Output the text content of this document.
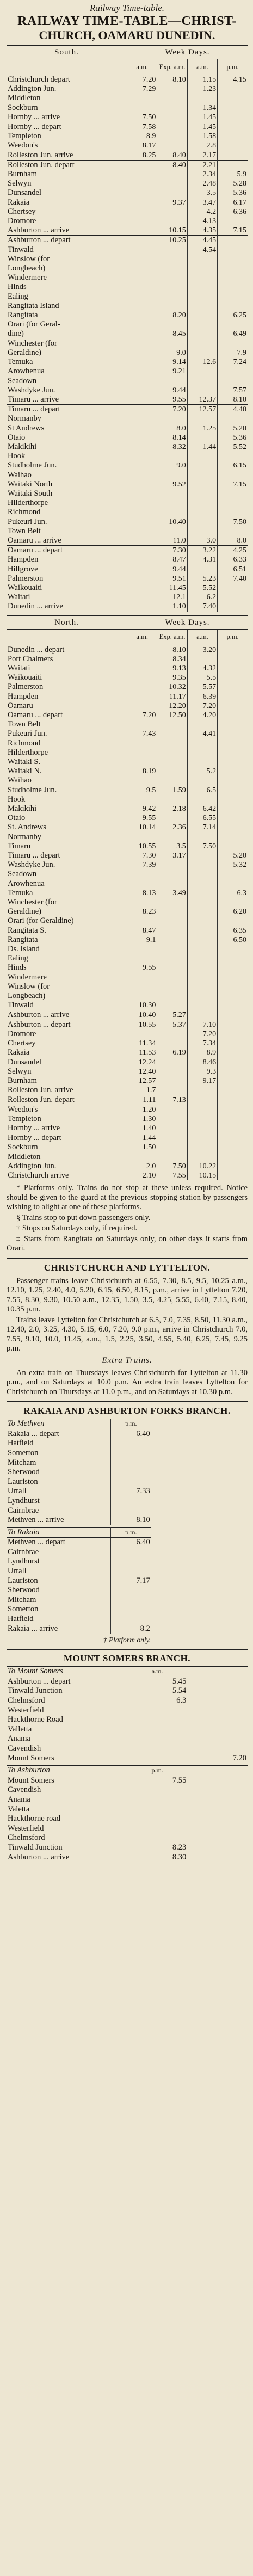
Railway Time-table.
RAILWAY TIME-TABLE—CHRIST-
CHURCH, OAMARU DUNEDIN.
South.	Week Days.			
	a.m.	Exp. a.m.	a.m.	p.m.
Christchurch depart	7.20	8.10	1.15	4.15
Addington Jun.	7.29		1.23	
Middleton				
Sockburn			1.34	
Hornby ... arrive	7.50		1.45	
Hornby ... depart	7.58		1.45	
Templeton	8.9		1.58	
Weedon's	8.17		2.8	
Rolleston Jun. arrive	8.25	8.40	2.17	
Rolleston Jun. depart		8.40	2.21	
Burnham			2.34	5.9
Selwyn			2.48	5.28
Dunsandel			3.5	5.36
Rakaia		9.37	3.47	6.17
Chertsey			4.2	6.36
Dromore			4.13	
Ashburton ... arrive		10.15	4.35	7.15
Ashburton ... depart		10.25	4.45	
Tinwald			4.54	
Winslow (for				
Longbeach)				
Windermere				
Hinds				
Ealing				
Rangitata Island				
Rangitata		8.20		6.25
Orari (for Geral-				
dine)		8.45		6.49
Winchester (for				
Geraldine)		9.0		7.9
Temuka		9.14	12.6	7.24
Arowhenua		9.21		
Seadown				
Washdyke Jun.		9.44		7.57
Timaru ... arrive		9.55	12.37	8.10
Timaru ... depart		7.20	12.57	4.40
Normanby				
St Andrews		8.0	1.25	5.20
Otaio		8.14		5.36
Makikihi		8.32	1.44	5.52
Hook				
Studholme Jun.		9.0		6.15
Waihao				
Waitaki North		9.52		7.15
Waitaki South				
Hilderthorpe				
Richmond				
Pukeuri Jun.		10.40		7.50
Town Belt				
Oamaru ... arrive		11.0	3.0	8.0
Oamaru ... depart		7.30	3.22	4.25
Hampden		8.47	4.31	6.33
Hillgrove		9.44		6.51
Palmerston		9.51	5.23	7.40
Waikouaiti		11.45	5.52	
Waitati		12.1	6.2	
Dunedin ... arrive		1.10	7.40	
North.	Week Days.			
	a.m.	Exp. a.m.	a.m.	p.m.
Dunedin ... depart		8.10	3.20	
Port Chalmers		8.34		
Waitati		9.13	4.32	
Waikouaiti		9.35	5.5	
Palmerston		10.32	5.57	
Hampden		11.17	6.39	
Oamaru		12.20	7.20	
Oamaru ... depart	7.20	12.50	4.20	
Town Belt				
Pukeuri Jun.	7.43		4.41	
Richmond				
Hilderthorpe				
Waitaki S.				
Waitaki N.	8.19		5.2	
Waihao				
Studholme Jun.	9.5	1.59	6.5	
Hook				
Makikihi	9.42	2.18	6.42	
Otaio	9.55		6.55	
St. Andrews	10.14	2.36	7.14	
Normanby				
Timaru	10.55	3.5	7.50	
Timaru ... depart	7.30	3.17		5.20
Washdyke Jun.	7.39			5.32
Seadown				
Arowhenua				
Temuka	8.13	3.49		6.3
Winchester (for				
Geraldine)	8.23			6.20
Orari (for Geraldine)				
Rangitata S.	8.47			6.35
Rangitata	9.1			6.50
Ds. Island				
Ealing				
Hinds	9.55			
Windermere				
Winslow (for				
Longbeach)				
Tinwald	10.30			
Ashburton ... arrive	10.40	5.27		
Ashburton ... depart	10.55	5.37	7.10	
Dromore			7.20	
Chertsey	11.34		7.34	
Rakaia	11.53	6.19	8.9	
Dunsandel	12.24		8.46	
Selwyn	12.40		9.3	
Burnham	12.57		9.17	
Rolleston Jun. arrive	1.7			
Rolleston Jun. depart	1.11	7.13		
Weedon's	1.20			
Templeton	1.30			
Hornby ... arrive	1.40			
Hornby ... depart	1.44			
Sockburn	1.50			
Middleton				
Addington Jun.	2.0	7.50	10.22	
Christchurch arrive	2.10	7.55	10.15	

* Platforms only. Trains do not stop at these unless required. Notice should be given to the guard at the previous stopping station by passengers wishing to alight at one of these platforms.

§ Trains stop to put down passengers only.

† Stops on Saturdays only, if required.

‡ Starts from Rangitata on Saturdays only, on other days it starts from Orari.

CHRISTCHURCH AND LYTTELTON.

Passenger trains leave Christchurch at 6.55, 7.30, 8.5, 9.5, 10.25 a.m., 12.10, 1.25, 2.40, 4.0, 5.20, 6.15, 6.50, 8.15, p.m., arrive in Lyttelton 7.20, 7.55, 8.30, 9.30, 10.50 a.m., 12.35, 1.50, 3.5, 4.25, 5.55, 6.40, 7.15, 8.40, 10.35 p.m.

Trains leave Lyttelton for Christchurch at 6.5, 7.0, 7.35, 8.50, 11.30 a.m., 12.40, 2.0, 3.25, 4.30, 5.15, 6.0, 7.20, 9.0 p.m., arrive in Christchurch 7.0, 7.55, 9.10, 10.0, 11.45, a.m., 1.5, 2.25, 3.50, 4.55, 5.40, 6.25, 7.45, 9.25 p.m.

Extra Trains.

An extra train on Thursdays leaves Christchurch for Lyttelton at 11.30 p.m., and on Saturdays at 10.0 p.m. An extra train leaves Lyttelton for Christchurch on Thursdays at 11.0 p.m., and on Saturdays at 10.30 p.m.

RAKAIA AND ASHBURTON FORKS BRANCH.
To Methven	p.m.
Rakaia ... depart	6.40
Hatfield	
Somerton	
Mitcham	
Sherwood	
Lauriston	
Urrall	7.33
Lyndhurst	
Cairnbrae	
Methven ... arrive	8.10
To Rakaia	p.m.
Methven ... depart	6.40
Cairnbrae	
Lyndhurst	
Urrall	
Lauriston	7.17
Sherwood	
Mitcham	
Somerton	
Hatfield	
Rakaia ... arrive	8.2
† Platform only.
MOUNT SOMERS BRANCH.
To Mount Somers	a.m.	
Ashburton ... depart	5.45	
Tinwald Junction	5.54	
Chelmsford	6.3	
Westerfield		
Hackthorne Road		
Valletta		
Anama		
Cavendish		
Mount Somers		7.20
To Ashburton	p.m.	
Mount Somers	7.55	
Cavendish		
Anama		
Valetta		
Hackthorne road		
Westerfield		
Chelmsford		
Tinwald Junction	8.23	
Ashburton ... arrive	8.30	
